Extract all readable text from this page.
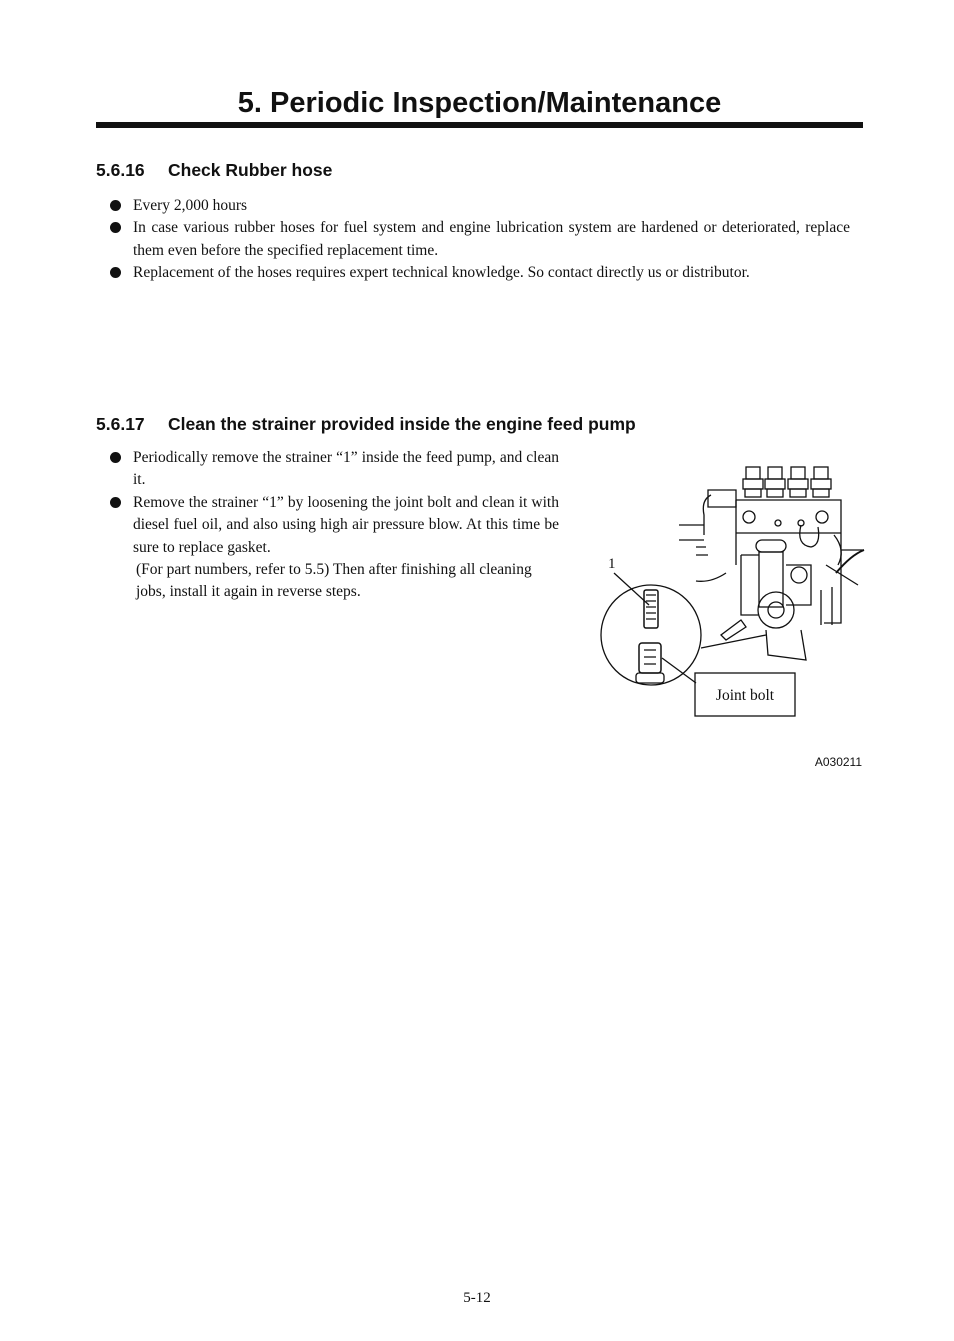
5. Periodic Inspection/Maintenance
5.6.16 Check Rubber hose
Every 2,000 hours
In case various rubber hoses for fuel system and engine lubrication system are hardened or deteriorated, replace them even before the specified replacement time.
Replacement of the hoses requires expert technical knowledge. So contact directly us or distributor.
5.6.17 Clean the strainer provided inside the engine feed pump
Periodically remove the strainer “1” inside the feed pump, and clean it.
Remove the strainer “1” by loosening the joint bolt and clean it with diesel fuel oil, and also using high air pressure blow. At this time be sure to replace gasket.
(For part numbers, refer to 5.5) Then after finishing all cleaning jobs, install it again in reverse steps.
1
Joint bolt
A030211
5-12
